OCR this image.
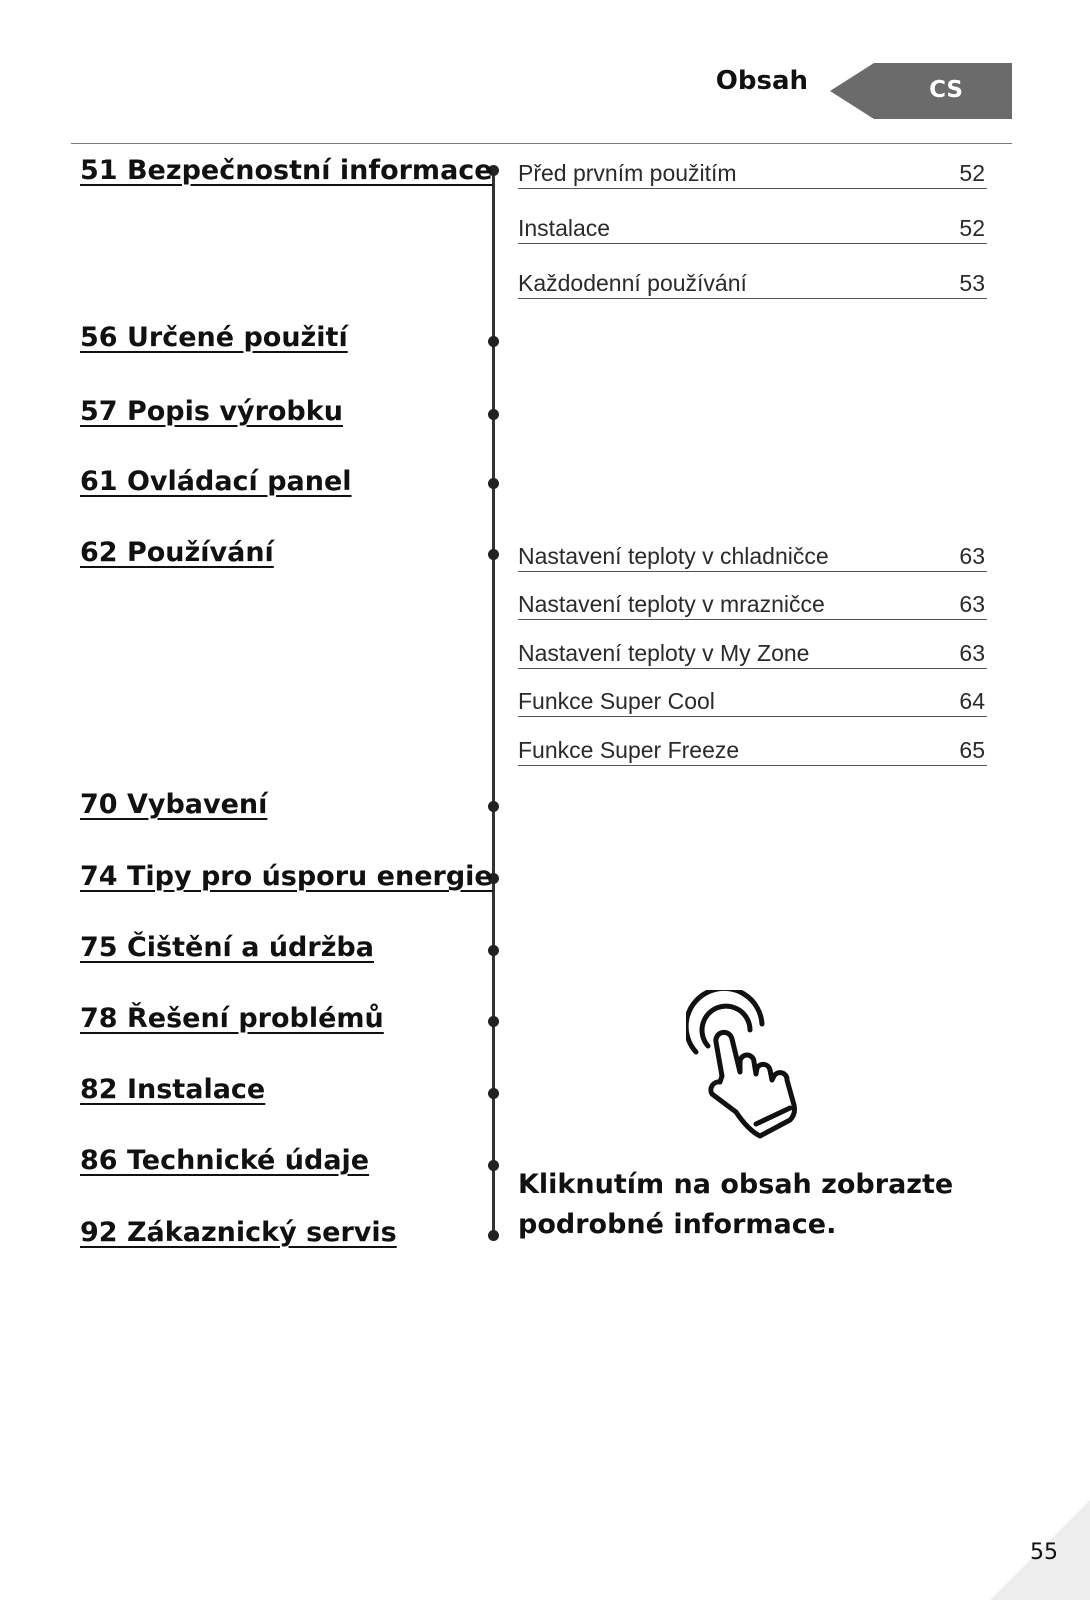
Obsah	CS
51 Bezpečnostní informace
56 Určené použití
57 Popis výrobku
61 Ovládací panel
62 Používání
70 Vybavení
74 Tipy pro úsporu energie
75 Čištění a údržba
78 Řešení problémů
82 Instalace
86 Technické údaje
92 Zákaznický servis
Před prvním použitím	52
Instalace	52
Každodenní používání	53
Nastavení teploty v chladničce	63
Nastavení teploty v mrazničce	63
Nastavení teploty v My Zone	63
Funkce Super Cool	64
Funkce Super Freeze	65
Kliknutím na obsah zobrazte
podrobné informace.
55
